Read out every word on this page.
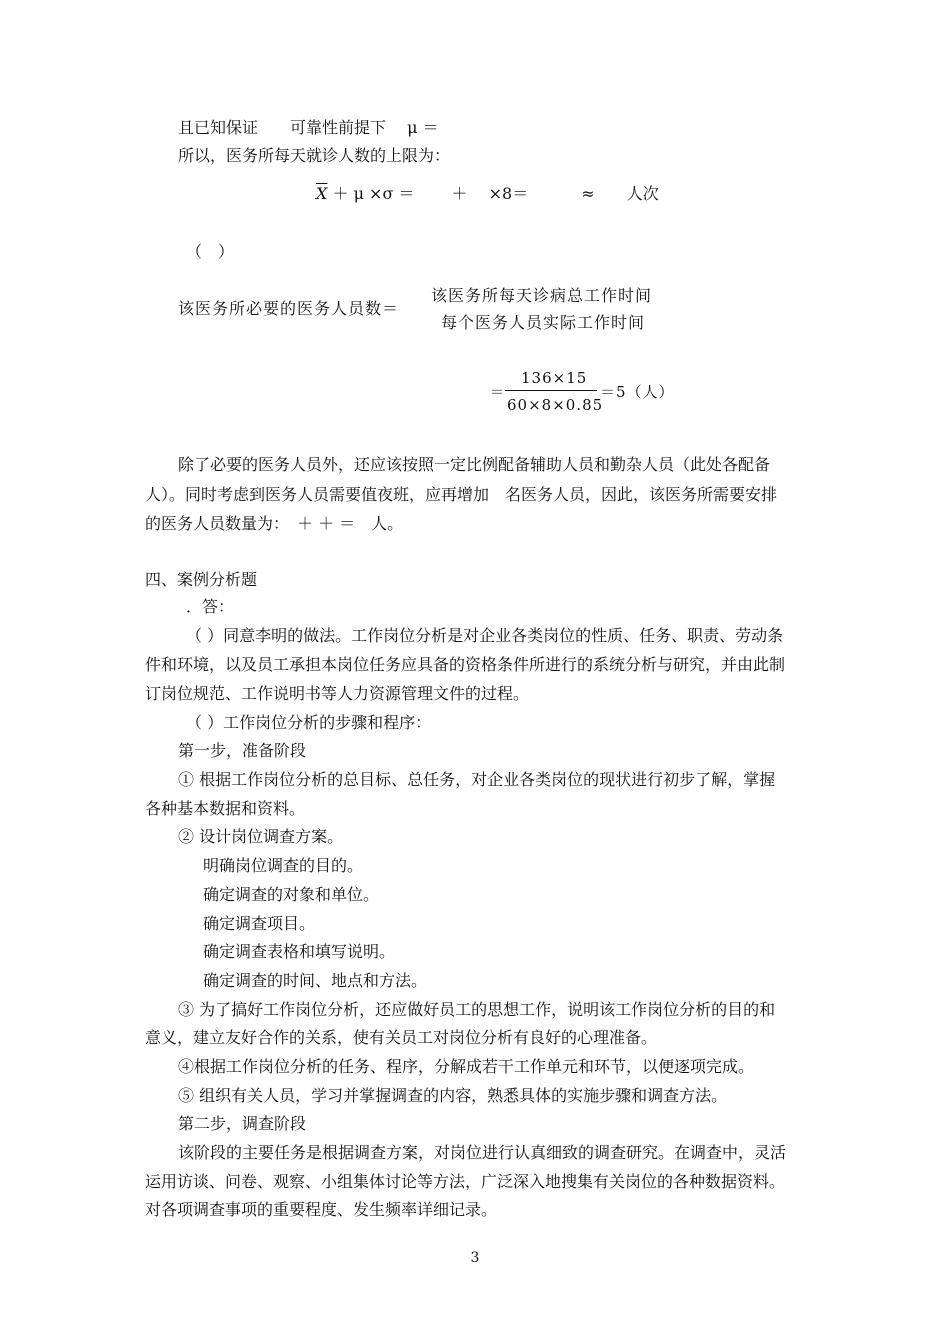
且已知保证　　可靠性前提下　 μ ＝
所以，医务所每天就诊人数的上限为：
$\overline{X} + \mu \times\sigma$ ＝　　 ＋　 ×8＝　　　 ≈　　人次
（　）
该医务所必要的医务人员数＝
该医务所每天诊病总工作时间
每个医务人员实际工作时间
＝
136×15
60×8×0.85
＝5（人）
除了必要的医务人员外，还应该按照一定比例配备辅助人员和勤杂人员（此处各配备
人）。同时考虑到医务人员需要值夜班，应再增加　名医务人员，因此，该医务所需要安排
的医务人员数量为：　＋ ＋ ＝　人。
四、案例分析题
．答：
（ ）同意李明的做法。工作岗位分析是对企业各类岗位的性质、任务、职责、劳动条
件和环境，以及员工承担本岗位任务应具备的资格条件所进行的系统分析与研究，并由此制
订岗位规范、工作说明书等人力资源管理文件的过程。
（ ）工作岗位分析的步骤和程序：
第一步，准备阶段
① 根据工作岗位分析的总目标、总任务，对企业各类岗位的现状进行初步了解，掌握
各种基本数据和资料。
② 设计岗位调查方案。
明确岗位调查的目的。
确定调查的对象和单位。
确定调查项目。
确定调查表格和填写说明。
确定调查的时间、地点和方法。
③ 为了搞好工作岗位分析，还应做好员工的思想工作，说明该工作岗位分析的目的和
意义，建立友好合作的关系，使有关员工对岗位分析有良好的心理准备。
④根据工作岗位分析的任务、程序，分解成若干工作单元和环节，以便逐项完成。
⑤ 组织有关人员，学习并掌握调查的内容，熟悉具体的实施步骤和调查方法。
第二步，调查阶段
该阶段的主要任务是根据调查方案，对岗位进行认真细致的调查研究。在调查中，灵活
运用访谈、问卷、观察、小组集体讨论等方法，广泛深入地搜集有关岗位的各种数据资料。
对各项调查事项的重要程度、发生频率详细记录。
3
